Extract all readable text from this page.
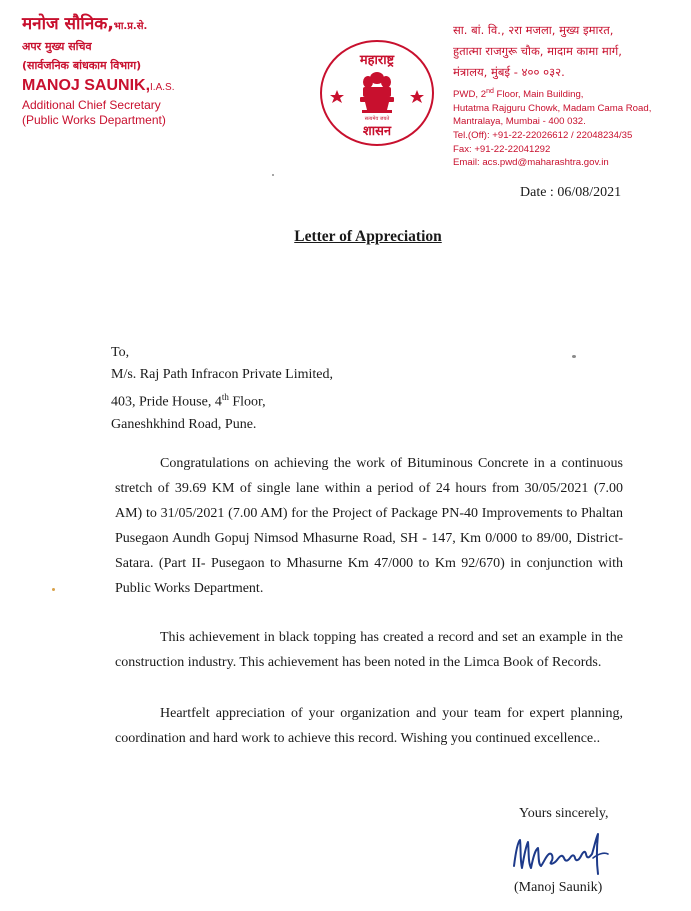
मनोज सौनिक,भा.प्र.से.
अपर मुख्य सचिव
(सार्वजनिक बांधकाम विभाग)
MANOJ SAUNIK,I.A.S.
Additional Chief Secretary
(Public Works Department)
महाराष्ट्र
शासन
सत्यमेव जयते
सा. बां. वि., २रा मजला, मुख्य इमारत,
हुतात्मा राजगुरू चौक, मादाम कामा मार्ग,
मंत्रालय, मुंबई - ४०० ०३२.
PWD, 2nd Floor, Main Building,
Hutatma Rajguru Chowk, Madam Cama Road,
Mantralaya, Mumbai - 400 032.
Tel.(Off): +91-22-22026612 / 22048234/35
Fax: +91-22-22041292
Email: acs.pwd@maharashtra.gov.in
Date : 06/08/2021
Letter of Appreciation
To,
M/s. Raj Path Infracon Private Limited,
403, Pride House, 4th Floor,
Ganeshkhind Road, Pune.

Congratulations on achieving the work of Bituminous Concrete in a continuous stretch of 39.69 KM of single lane within a period of 24 hours from 30/05/2021 (7.00 AM) to 31/05/2021 (7.00 AM) for the Project of Package PN-40 Improvements to Phaltan Pusegaon Aundh Gopuj Nimsod Mhasurne Road, SH - 147, Km 0/000 to 89/00, District- Satara. (Part II- Pusegaon to Mhasurne Km 47/000 to Km 92/670) in conjunction with Public Works Department.

This achievement in black topping has created a record and set an example in the construction industry. This achievement has been noted in the Limca Book of Records.

Heartfelt appreciation of your organization and your team for expert planning, coordination and hard work to achieve this record. Wishing you continued excellence..

Yours sincerely,
(Manoj Saunik)
